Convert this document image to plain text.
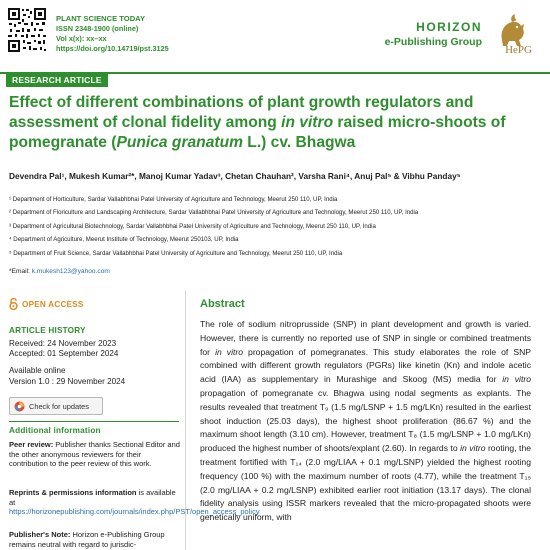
PLANT SCIENCE TODAY
ISSN 2348-1900 (online)
Vol x(x): xx–xx
https://doi.org/10.14719/pst.3125
HORIZON
e-Publishing Group
HePG
RESEARCH ARTICLE
Effect of different combinations of plant growth regulators and assessment of clonal fidelity among in vitro raised micro-shoots of pomegranate (Punica granatum L.) cv. Bhagwa
Devendra Pal¹, Mukesh Kumar²*, Manoj Kumar Yadav³, Chetan Chauhan², Varsha Rani⁴, Anuj Pal⁵ & Vibhu Panday⁵
¹ Department of Horticulture, Sardar Vallabhbhai Patel University of Agriculture and Technology, Meerut 250 110, UP, India
² Department of Floriculture and Landscaping Architecture, Sardar Vallabhbhai Patel University of Agriculture and Technology, Meerut 250 110, UP, India
³ Department of Agricultural Biotechnology, Sardar Vallabhbhai Patel University of Agriculture and Technology, Meerut 250 110, UP, India
⁴ Department of Agriculture, Meerut Institute of Technology, Meerut 250103, UP, India
⁵ Department of Fruit Science, Sardar Vallabhbhai Patel University of Agriculture and Technology, Meerut 250 110, UP, India
*Email: k.mukesh123@yahoo.com
OPEN ACCESS
ARTICLE HISTORY
Received: 24 November 2023
Accepted: 01 September 2024
Available online
Version 1.0 : 29 November 2024
Check for updates
Additional information
Peer review: Publisher thanks Sectional Editor and the other anonymous reviewers for their contribution to the peer review of this work.
Reprints & permissions information is available at https://horizonepublishing.com/journals/index.php/PST/open_access_policy
Publisher's Note: Horizon e-Publishing Group remains neutral with regard to jurisdic-
Abstract

The role of sodium nitroprusside (SNP) in plant development and growth is varied. However, there is currently no reported use of SNP in single or combined treatments for in vitro propagation of pomegranates. This study elaborates the role of SNP combined with different growth regulators (PGRs) like kinetin (Kn) and indole acetic acid (IAA) as supplementary in Murashige and Skoog (MS) media for in vitro propagation of pomegranate cv. Bhagwa using nodal segments as explants. The results revealed that treatment T₉ (1.5 mg/LSNP + 1.5 mg/LKn) resulted in the earliest shoot induction (25.03 days), the highest shoot proliferation (86.67 %) and the maximum shoot length (3.10 cm). However, treatment T₈ (1.5 mg/LSNP + 1.0 mg/LKn) produced the highest number of shoots/explant (2.60). In regards to in vitro rooting, the treatment fortified with T₁₄ (2.0 mg/LIAA + 0.1 mg/LSNP) yielded the highest rooting frequency (100 %) with the maximum number of roots (4.77), while the treatment T₁₅ (2.0 mg/LIAA + 0.2 mg/LSNP) exhibited earlier root initiation (13.17 days). The clonal fidelity analysis using ISSR markers revealed that the micro-propagated shoots were genetically uniform, with
